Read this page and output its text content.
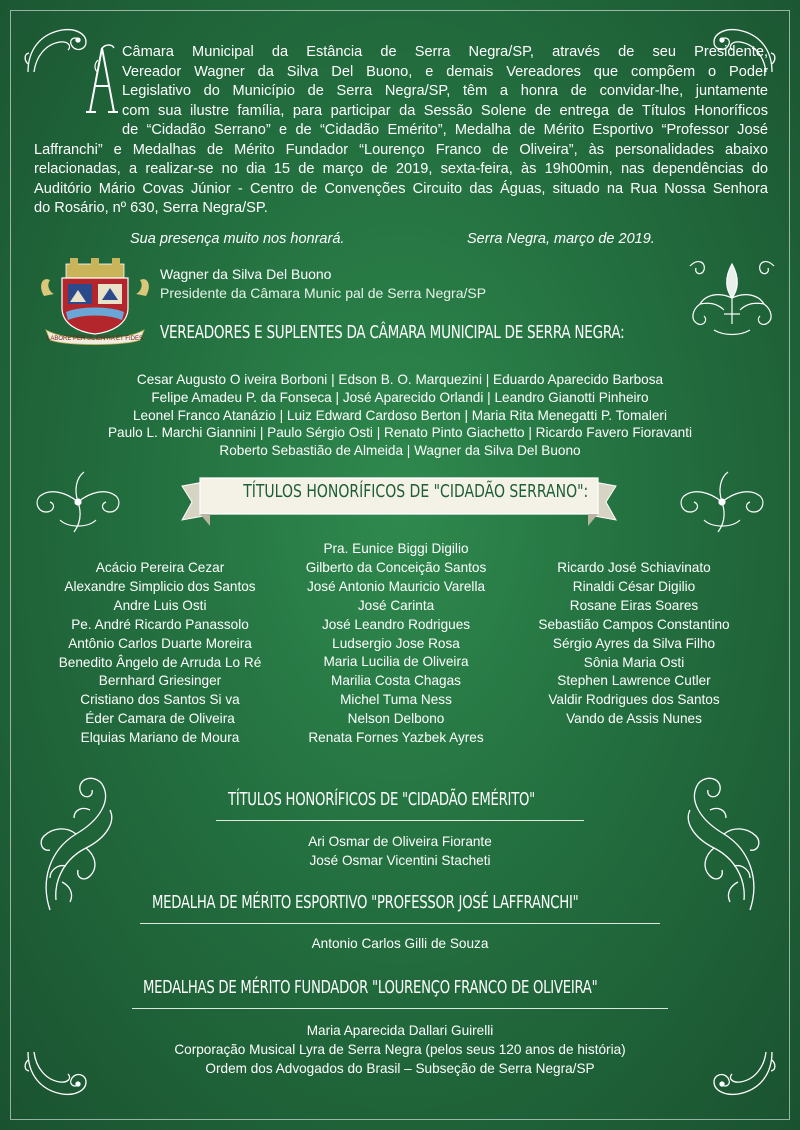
Câmara Municipal da Estância de Serra Negra/SP, através de seu Presidente,
Vereador Wagner da Silva Del Buono, e demais Vereadores que compõem o Poder
Legislativo do Município de Serra Negra/SP, têm a honra de convidar-lhe, juntamente
com sua ilustre família, para participar da Sessão Solene de entrega de Títulos Honoríficos
de “Cidadão Serrano” e de “Cidadão Emérito”, Medalha de Mérito Esportivo “Professor José
Laffranchi” e Medalhas de Mérito Fundador “Lourenço Franco de Oliveira”, às personalidades abaixo
relacionadas, a realizar-se no dia 15 de março de 2019, sexta-feira, às 19h00min, nas dependências do
Auditório Mário Covas Júnior - Centro de Convenções Circuito das Águas, situado na Rua Nossa Senhora
do Rosário, nº 630, Serra Negra/SP.
Sua presença muito nos honrará.	Serra Negra, março de 2019.
LABORE PER SCIENTIA ET FIDES
Wagner da Silva Del Buono
Presidente da Câmara Munic pal de Serra Negra/SP
VEREADORES E SUPLENTES DA CÂMARA MUNICIPAL DE SERRA NEGRA:
Cesar Augusto O iveira Borboni | Edson B. O. Marquezini | Eduardo Aparecido Barbosa
Felipe Amadeu P. da Fonseca | José Aparecido Orlandi | Leandro Gianotti Pinheiro
Leonel Franco Atanázio | Luiz Edward Cardoso Berton | Maria Rita Menegatti P. Tomaleri
Paulo L. Marchi Giannini | Paulo Sérgio Osti | Renato Pinto Giachetto | Ricardo Favero Fioravanti
Roberto Sebastião de Almeida | Wagner da Silva Del Buono
TÍTULOS HONORÍFICOS DE "CIDADÃO SERRANO":
Acácio Pereira Cezar
Alexandre Simplicio dos Santos
Andre Luis Osti
Pe. André Ricardo Panassolo
Antônio Carlos Duarte Moreira
Benedito Ângelo de Arruda Lo Ré
Bernhard Griesinger
Cristiano dos Santos Si va
Éder Camara de Oliveira
Elquias Mariano de Moura
Pra. Eunice Biggi Digilio
Gilberto da Conceição Santos
José Antonio Mauricio Varella
José Carinta
José Leandro Rodrigues
Ludsergio Jose Rosa
Maria Lucilia de Oliveira
Marilia Costa Chagas
Michel Tuma Ness
Nelson Delbono
Renata Fornes Yazbek Ayres
Ricardo José Schiavinato
Rinaldi César Digilio
Rosane Eiras Soares
Sebastião Campos Constantino
Sérgio Ayres da Silva Filho
Sônia Maria Osti
Stephen Lawrence Cutler
Valdir Rodrigues dos Santos
Vando de Assis Nunes
TÍTULOS HONORÍFICOS DE "CIDADÃO EMÉRITO"
Ari Osmar de Oliveira Fiorante
José Osmar Vicentini Stacheti
MEDALHA DE MÉRITO ESPORTIVO "PROFESSOR JOSÉ LAFFRANCHI"
Antonio Carlos Gilli de Souza
MEDALHAS DE MÉRITO FUNDADOR "LOURENÇO FRANCO DE OLIVEIRA"
Maria Aparecida Dallari Guirelli
Corporação Musical Lyra de Serra Negra (pelos seus 120 anos de história)
Ordem dos Advogados do Brasil – Subseção de Serra Negra/SP
